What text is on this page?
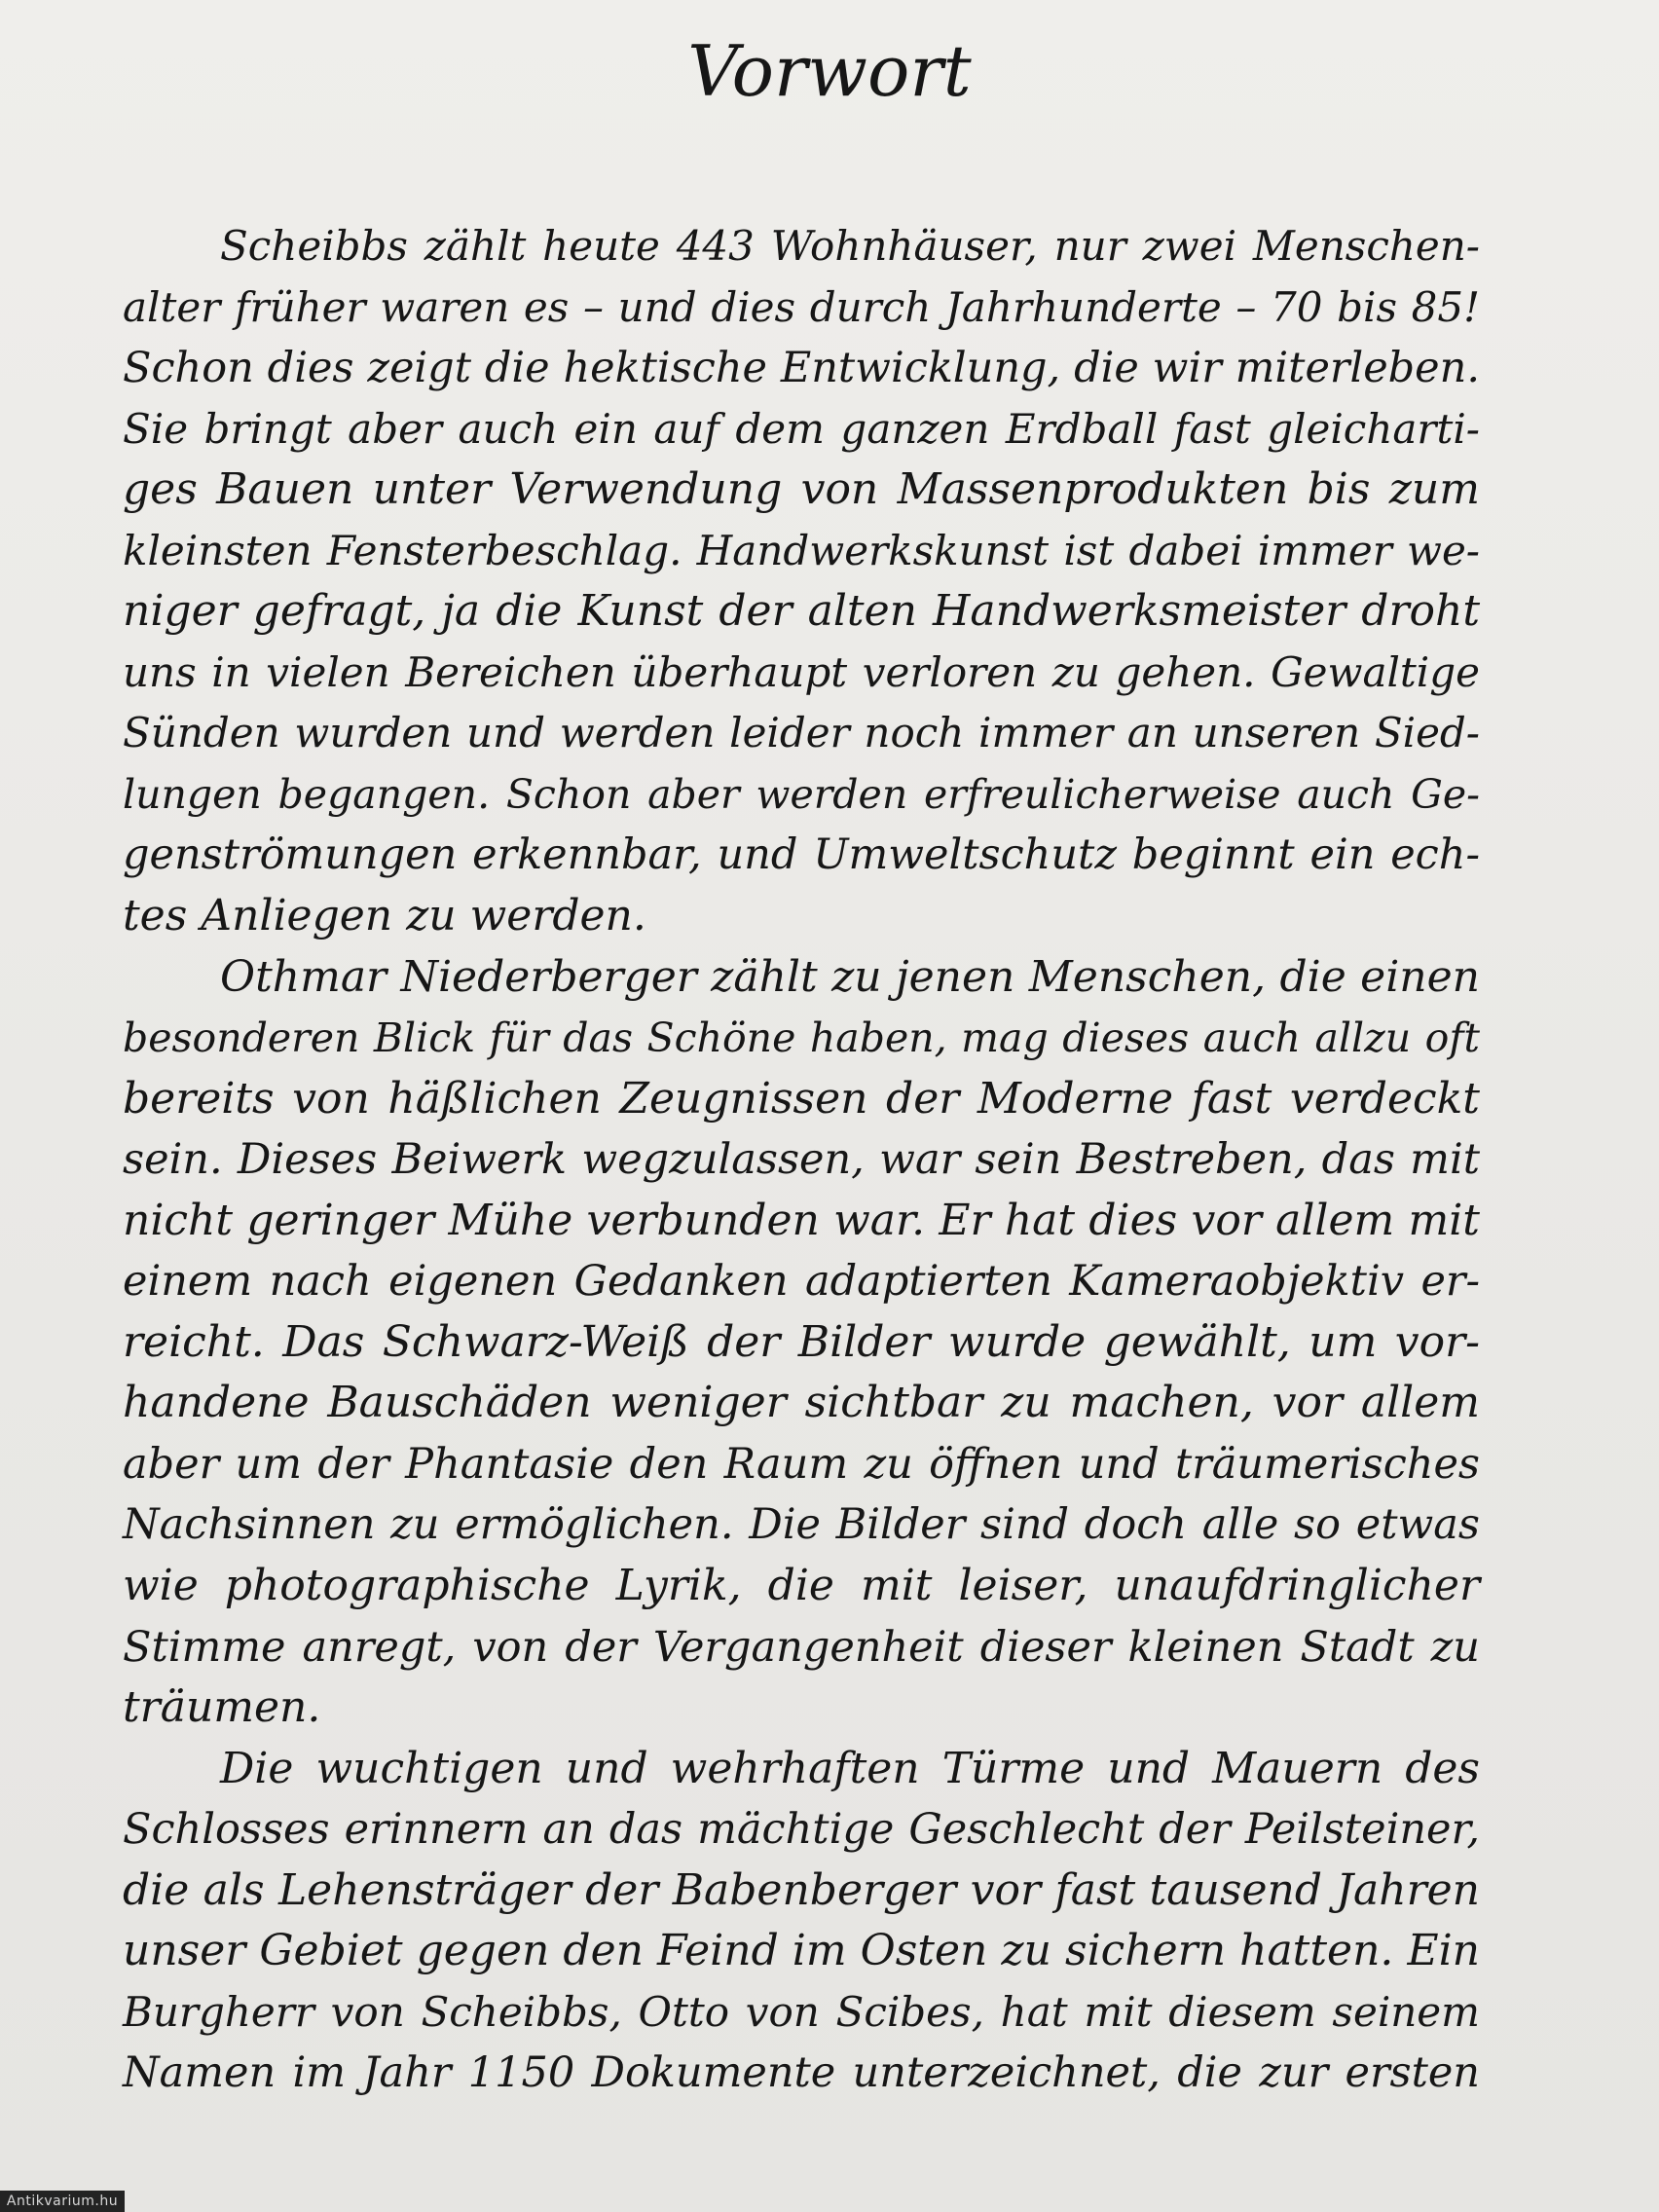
Vorwort
Scheibbs zählt heute 443 Wohnhäuser, nur zwei Menschen-
alter früher waren es – und dies durch Jahrhunderte – 70 bis 85!
Schon dies zeigt die hektische Entwicklung, die wir miterleben.
Sie bringt aber auch ein auf dem ganzen Erdball fast gleicharti-
ges Bauen unter Verwendung von Massenprodukten bis zum
kleinsten Fensterbeschlag. Handwerkskunst ist dabei immer we-
niger gefragt, ja die Kunst der alten Handwerksmeister droht
uns in vielen Bereichen überhaupt verloren zu gehen. Gewaltige
Sünden wurden und werden leider noch immer an unseren Sied-
lungen begangen. Schon aber werden erfreulicherweise auch Ge-
genströmungen erkennbar, und Umweltschutz beginnt ein ech-
tes Anliegen zu werden.
Othmar Niederberger zählt zu jenen Menschen, die einen
besonderen Blick für das Schöne haben, mag dieses auch allzu oft
bereits von häßlichen Zeugnissen der Moderne fast verdeckt
sein. Dieses Beiwerk wegzulassen, war sein Bestreben, das mit
nicht geringer Mühe verbunden war. Er hat dies vor allem mit
einem nach eigenen Gedanken adaptierten Kameraobjektiv er-
reicht. Das Schwarz-Weiß der Bilder wurde gewählt, um vor-
handene Bauschäden weniger sichtbar zu machen, vor allem
aber um der Phantasie den Raum zu öffnen und träumerisches
Nachsinnen zu ermöglichen. Die Bilder sind doch alle so etwas
wie photographische Lyrik, die mit leiser, unaufdringlicher
Stimme anregt, von der Vergangenheit dieser kleinen Stadt zu
träumen.
Die wuchtigen und wehrhaften Türme und Mauern des
Schlosses erinnern an das mächtige Geschlecht der Peilsteiner,
die als Lehensträger der Babenberger vor fast tausend Jahren
unser Gebiet gegen den Feind im Osten zu sichern hatten. Ein
Burgherr von Scheibbs, Otto von Scibes, hat mit diesem seinem
Namen im Jahr 1150 Dokumente unterzeichnet, die zur ersten
Antikvarium.hu
